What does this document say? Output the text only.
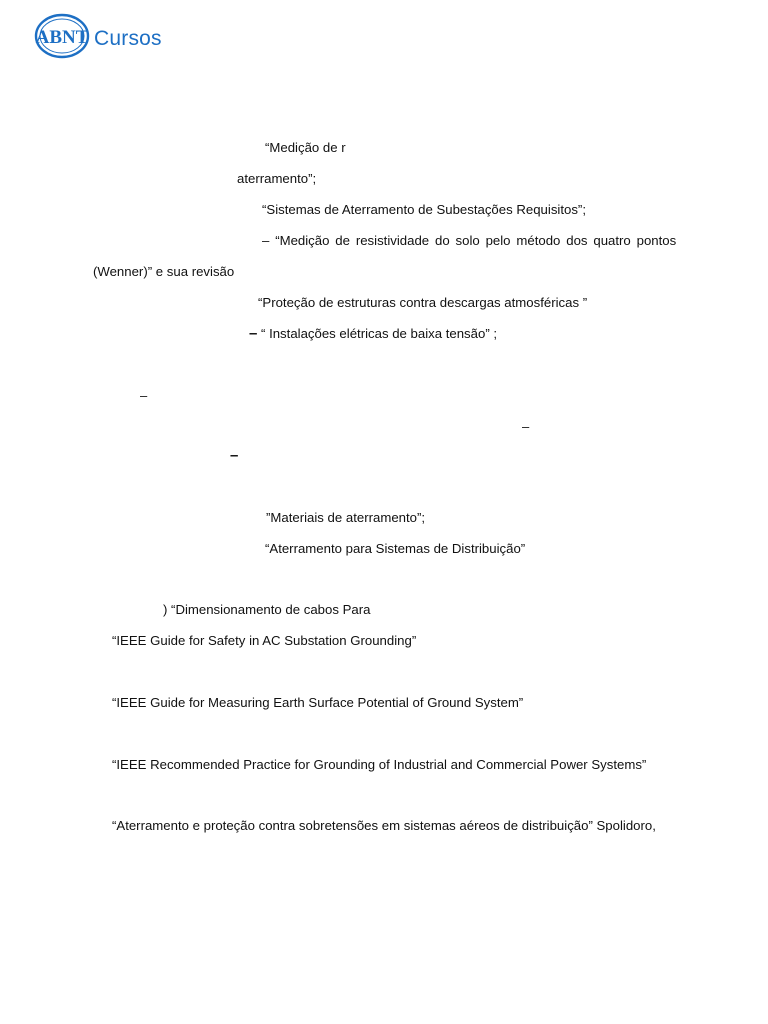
ABNT Cursos
“Medição de r
aterramento”;
“Sistemas de Aterramento de Subestações Requisitos”;
– “Medição de resistividade do solo pelo método dos quatro pontos
(Wenner)” e sua revisão
“Proteção de estruturas contra descargas atmosféricas ”
– “ Instalações elétricas de baixa tensão” ;
–
–
–
”Materiais de aterramento”;
“Aterramento para Sistemas de Distribuição”
) “Dimensionamento de cabos Para
“IEEE Guide for Safety in AC Substation Grounding”
“IEEE Guide for Measuring Earth Surface Potential of Ground System”
“IEEE Recommended Practice for Grounding of Industrial and Commercial Power Systems”
“Aterramento e proteção contra sobretensões em sistemas aéreos de distribuição” Spolidoro,
